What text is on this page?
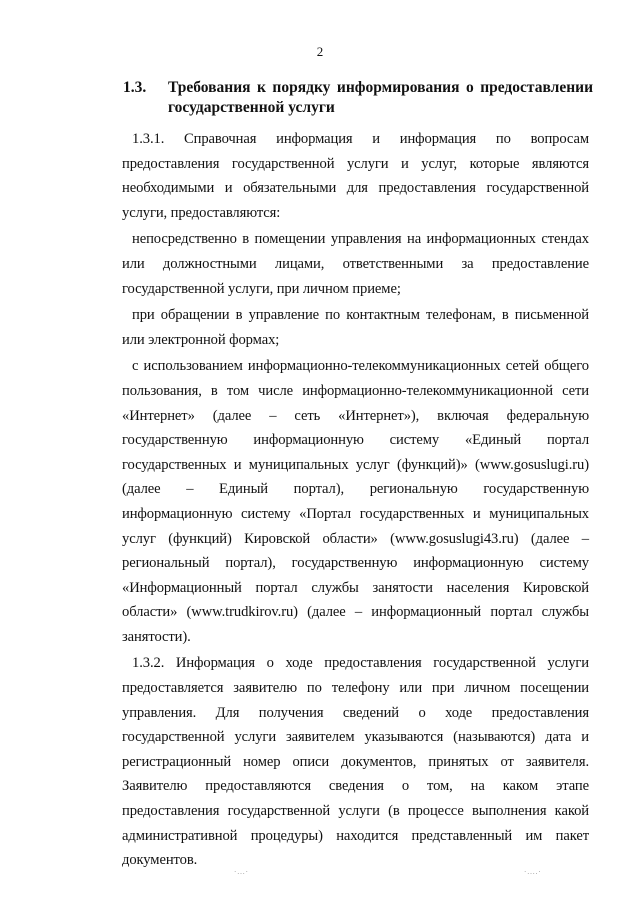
2
1.3.	Требования к порядку информирования о предоставлении государственной услуги

1.3.1. Справочная информация и информация по вопросам предоставления государственной услуги и услуг, которые являются необходимыми и обязательными для предоставления государственной услуги, предоставляются:

непосредственно в помещении управления на информационных стендах или должностными лицами, ответственными за предоставление государственной услуги, при личном приеме;

при обращении в управление по контактным телефонам, в письменной или электронной формах;

с использованием информационно-телекоммуникационных сетей общего пользования, в том числе информационно-телекоммуникационной сети «Интернет» (далее – сеть «Интернет»), включая федеральную государственную информационную систему «Единый портал государственных и муниципальных услуг (функций)» (www.gosuslugi.ru) (далее – Единый портал), региональную государственную информационную систему «Портал государственных и муниципальных услуг (функций) Кировской области» (www.gosuslugi43.ru) (далее – региональный портал), государственную информационную систему «Информационный портал службы занятости населения Кировской области» (www.trudkirov.ru) (далее – информационный портал службы занятости).

1.3.2. Информация о ходе предоставления государственной услуги предоставляется заявителю по телефону или при личном посещении управления. Для получения сведений о ходе предоставления государственной услуги заявителем указываются (называются) дата и регистрационный номер описи документов, принятых от заявителя. Заявителю предоставляются сведения о том, на каком этапе предоставления государственной услуги (в процессе выполнения какой административной процедуры) находится представленный им пакет документов.

·...·	·....·
